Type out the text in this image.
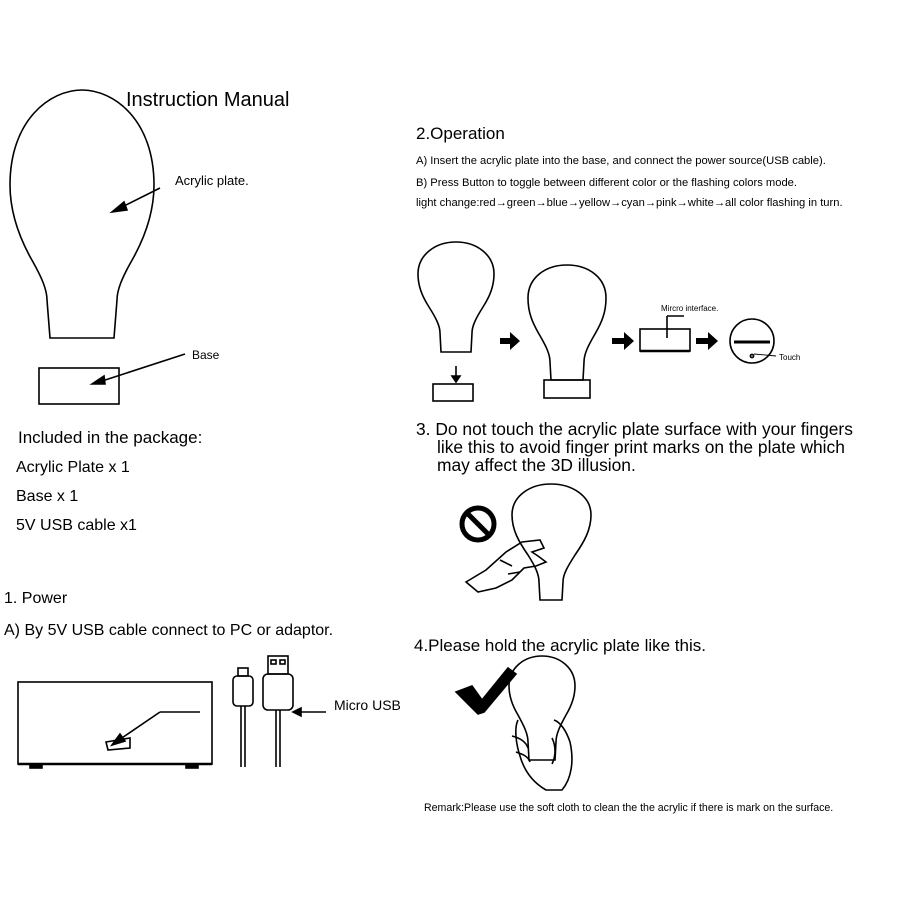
Instruction Manual
Acrylic plate.
Base
Included in the package:
Acrylic Plate x 1
Base x 1
5V USB cable x1
1. Power
A) By 5V USB cable connect to PC or adaptor.
Micro USB
2.Operation
A) Insert the acrylic plate into the base, and connect the power source(USB cable).
B) Press Button to toggle between different color or the flashing colors mode.
light change:red→green→blue→yellow→cyan→pink→white→all color flashing in turn.
Mircro interface.
Touch
3. Do not touch the acrylic plate surface with your fingers
like this to avoid finger print marks on the plate which
may affect the 3D illusion.
4.Please hold the acrylic plate like this.
Remark:Please use the soft cloth to clean the the acrylic if there is mark on the surface.
